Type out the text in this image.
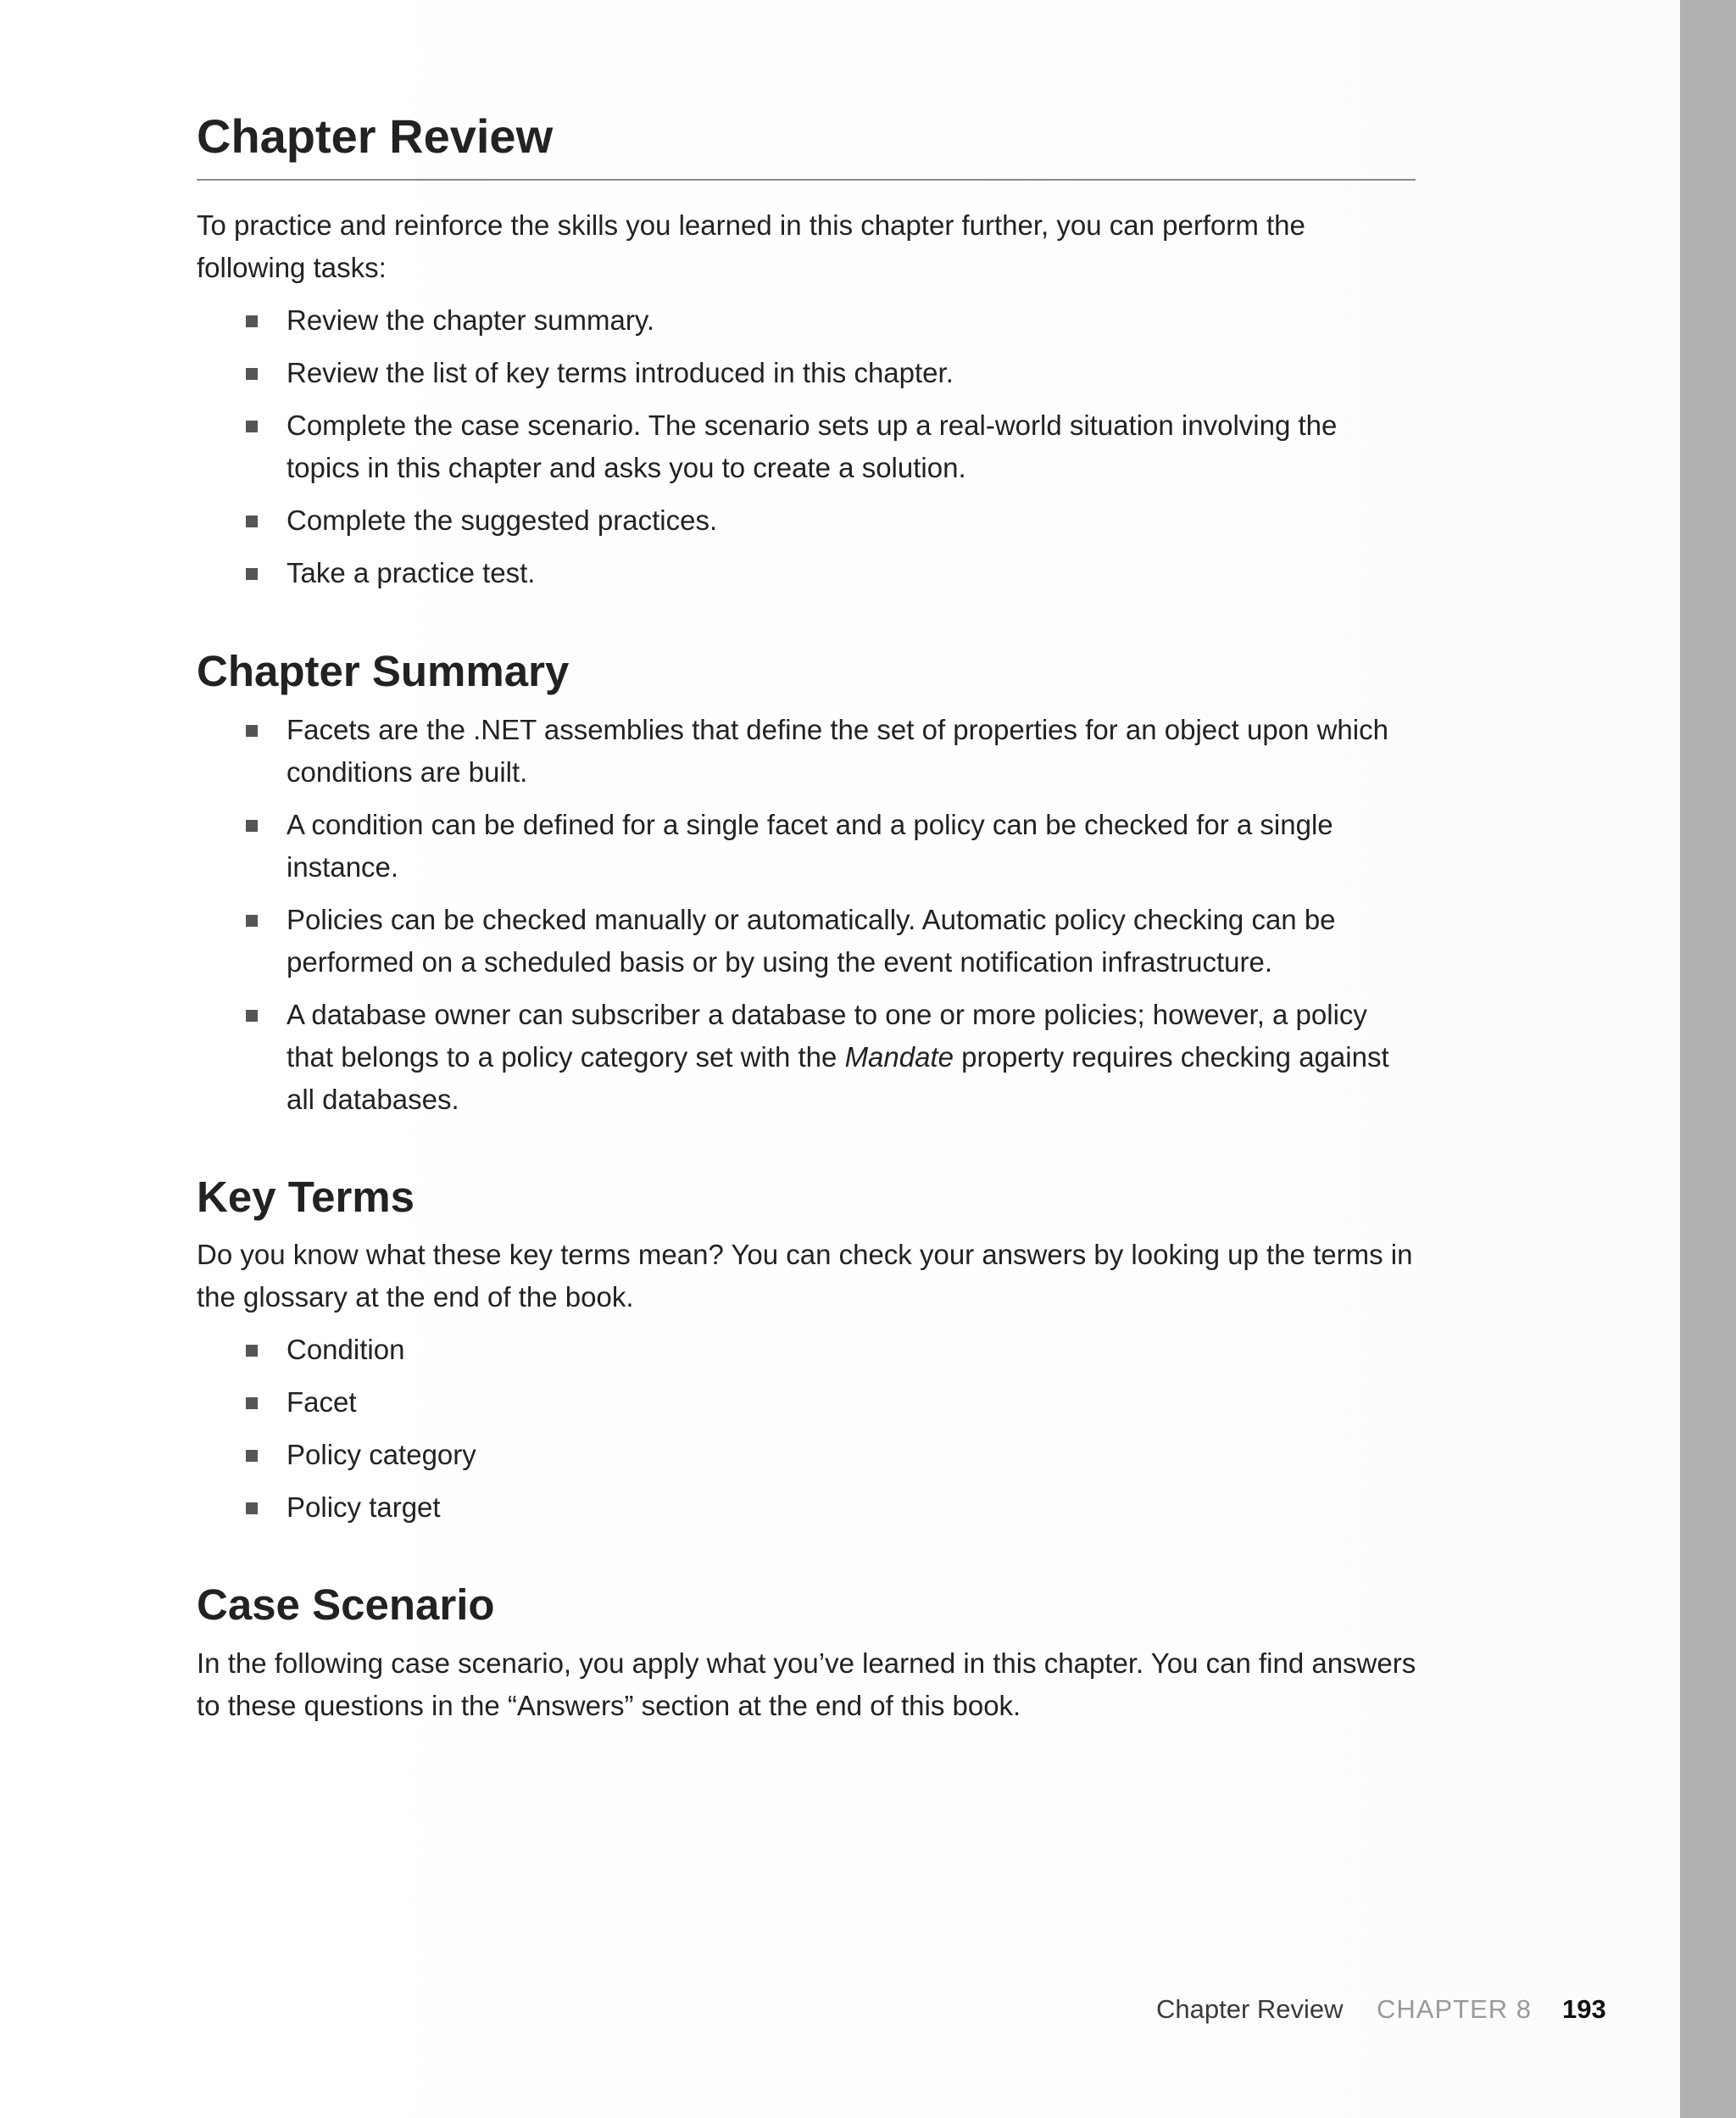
Chapter Review

To practice and reinforce the skills you learned in this chapter further, you can perform the following tasks:

Review the chapter summary.
Review the list of key terms introduced in this chapter.
Complete the case scenario. The scenario sets up a real-world situation involving the topics in this chapter and asks you to create a solution.
Complete the suggested practices.
Take a practice test.
Chapter Summary
Facets are the .NET assemblies that define the set of properties for an object upon which conditions are built.
A condition can be defined for a single facet and a policy can be checked for a single instance.
Policies can be checked manually or automatically. Automatic policy checking can be performed on a scheduled basis or by using the event notification infrastructure.
A database owner can subscriber a database to one or more policies; however, a policy that belongs to a policy category set with the Mandate property requires checking against all databases.
Key Terms

Do you know what these key terms mean? You can check your answers by looking up the terms in the glossary at the end of the book.

Condition
Facet
Policy category
Policy target
Case Scenario

In the following case scenario, you apply what you’ve learned in this chapter. You can find answers to these questions in the “Answers” section at the end of this book.

Chapter Review CHAPTER 8 193
